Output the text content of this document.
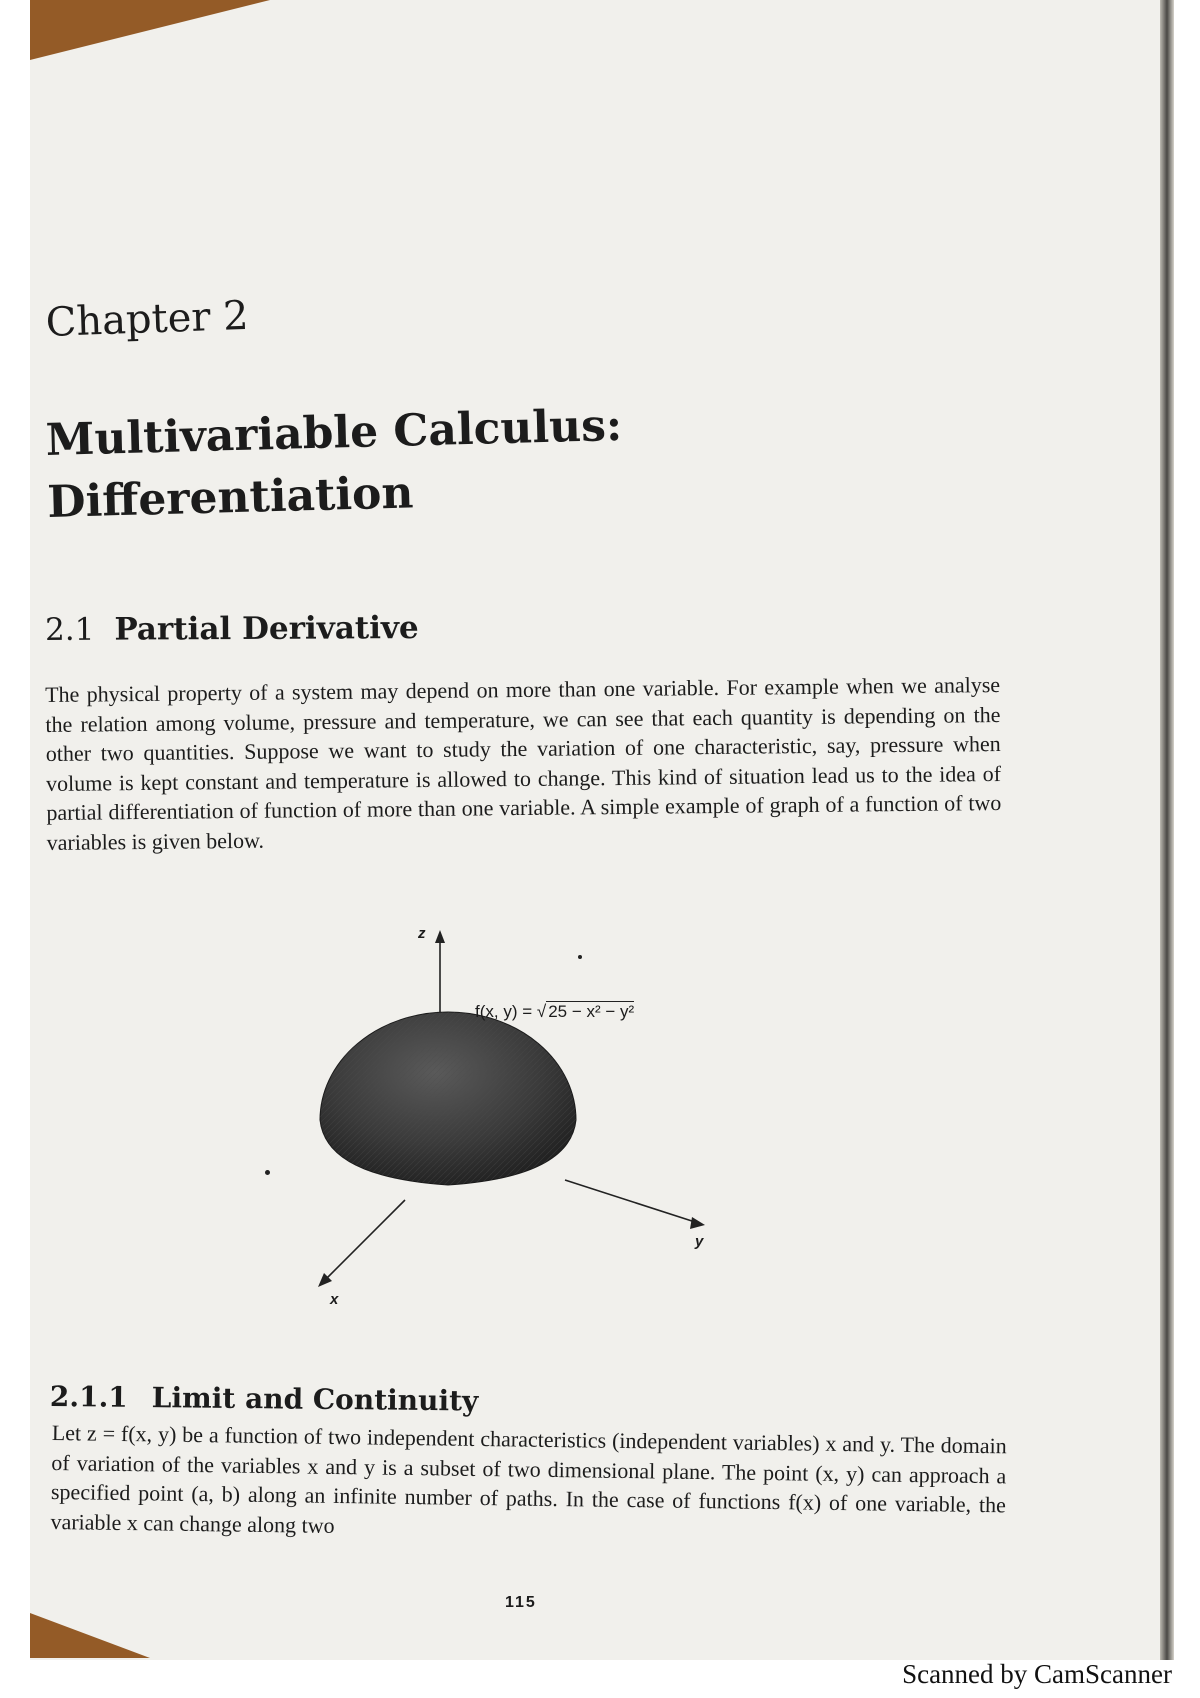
Chapter 2
Multivariable Calculus:
Differentiation
2.1 Partial Derivative
The physical property of a system may depend on more than one variable. For example when we analyse the relation among volume, pressure and temperature, we can see that each quantity is depending on the other two quantities. Suppose we want to study the variation of one characteristic, say, pressure when volume is kept constant and temperature is allowed to change. This kind of situation lead us to the idea of partial differentiation of function of more than one variable. A simple example of graph of a function of two variables is given below.
z
y
x
f(x, y) = √ 25 − x² − y²
2.1.1 Limit and Continuity
Let z = f(x, y) be a function of two independent characteristics (independent variables) x and y. The domain of variation of the variables x and y is a subset of two dimensional plane. The point (x, y) can approach a specified point (a, b) along an infinite number of paths. In the case of functions f(x) of one variable, the variable x can change along two
115
Scanned by CamScanner
